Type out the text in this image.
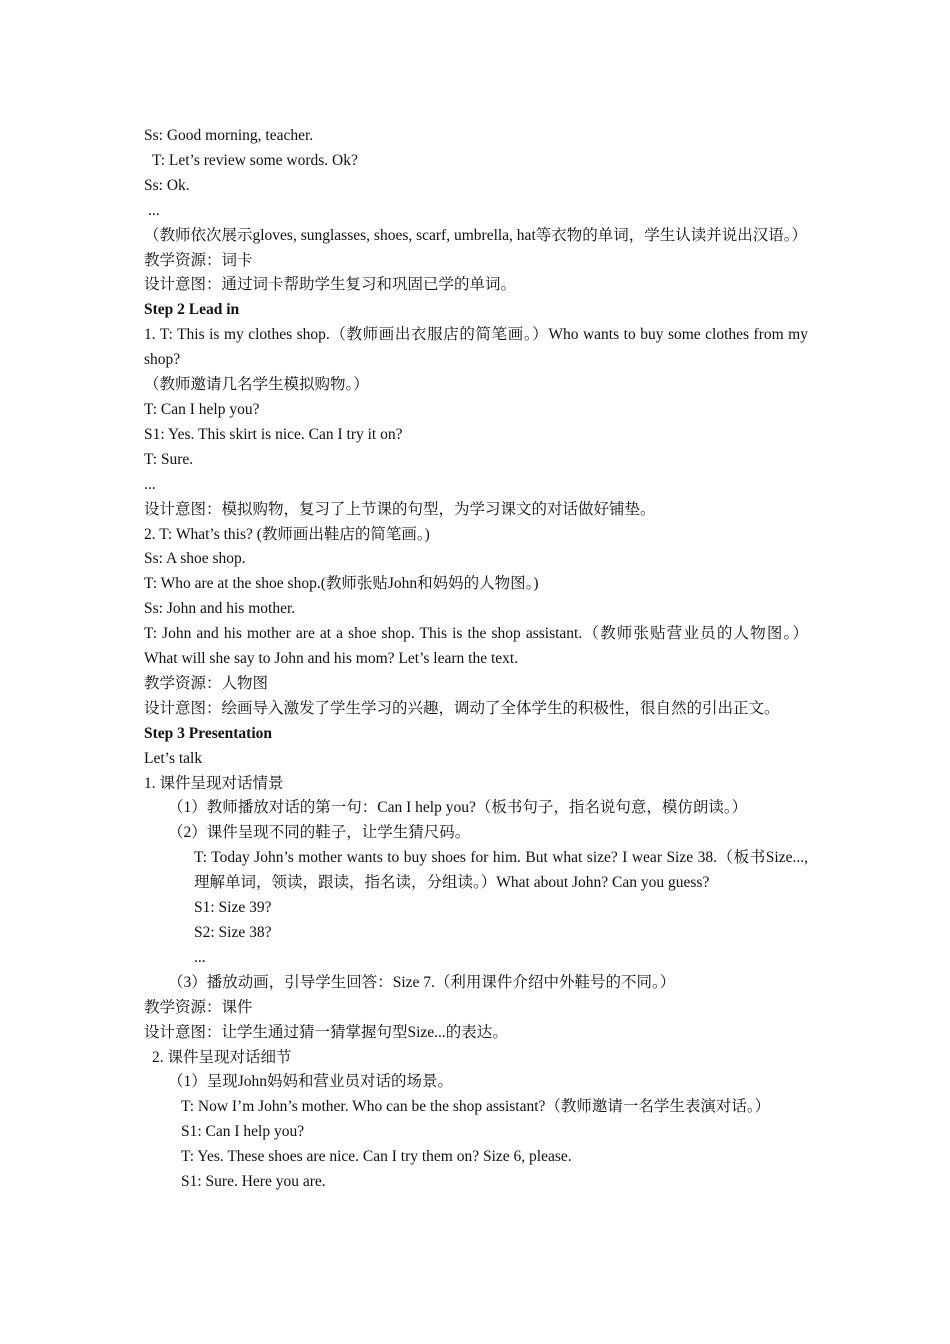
Ss: Good morning, teacher.
T: Let’s review some words. Ok?
Ss: Ok.
...
（教师依次展示gloves, sunglasses, shoes, scarf, umbrella, hat等衣物的单词，学生认读并说出汉语。）
教学资源：词卡
设计意图：通过词卡帮助学生复习和巩固已学的单词。
Step 2 Lead in
1. T: This is my clothes shop.（教师画出衣服店的简笔画。）Who wants to buy some clothes from my shop?
（教师邀请几名学生模拟购物。）
T: Can I help you?
S1: Yes. This skirt is nice. Can I try it on?
T: Sure.
...
设计意图：模拟购物，复习了上节课的句型，为学习课文的对话做好铺垫。
2. T: What’s this? (教师画出鞋店的简笔画。)
Ss: A shoe shop.
T: Who are at the shoe shop.(教师张贴John和妈妈的人物图。)
Ss: John and his mother.
T: John and his mother are at a shoe shop. This is the shop assistant.（教师张贴营业员的人物图。）What will she say to John and his mom? Let’s learn the text.
教学资源：人物图
设计意图：绘画导入激发了学生学习的兴趣，调动了全体学生的积极性，很自然的引出正文。
Step 3 Presentation
Let’s talk
1. 课件呈现对话情景
（1）教师播放对话的第一句：Can I help you?（板书句子，指名说句意，模仿朗读。）
（2）课件呈现不同的鞋子，让学生猜尺码。
T: Today John’s mother wants to buy shoes for him. But what size? I wear Size 38.（板书Size..., 理解单词，领读，跟读，指名读，分组读。）What about John? Can you guess?
S1: Size 39?
S2: Size 38?
...
（3）播放动画，引导学生回答：Size 7.（利用课件介绍中外鞋号的不同。）
教学资源：课件
设计意图：让学生通过猜一猜掌握句型Size...的表达。
2. 课件呈现对话细节
（1）呈现John妈妈和营业员对话的场景。
T: Now I’m John’s mother. Who can be the shop assistant?（教师邀请一名学生表演对话。）
S1: Can I help you?
T: Yes. These shoes are nice. Can I try them on? Size 6, please.
S1: Sure. Here you are.
